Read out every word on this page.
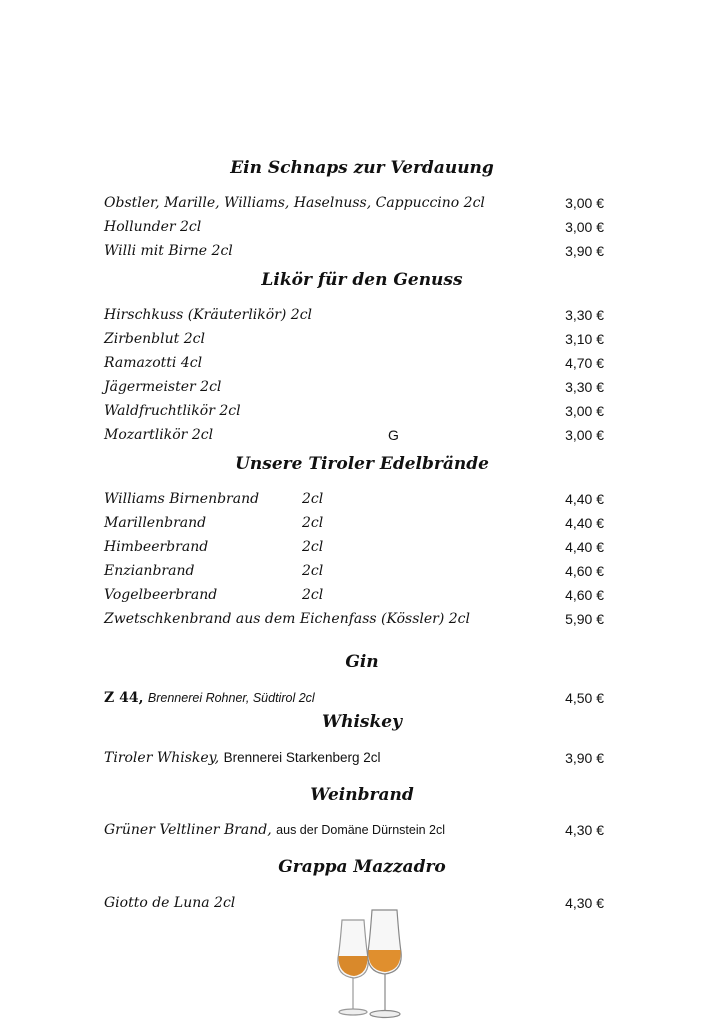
Ein Schnaps zur Verdauung
Obstler, Marille, Williams, Haselnuss, Cappuccino 2cl	3,00 €
Hollunder 2cl	3,00 €
Willi mit Birne 2cl	3,90 €
Likör für den Genuss
Hirschkuss (Kräuterlikör) 2cl	3,30 €
Zirbenblut 2cl	3,10 €
Ramazotti 4cl	4,70 €
Jägermeister 2cl	3,30 €
Waldfruchtlikör 2cl	3,00 €
Mozartlikör 2cl	G	3,00 €
Unsere Tiroler Edelbrände
Williams Birnenbrand	2cl	4,40 €
Marillenbrand	2cl	4,40 €
Himbeerbrand	2cl	4,40 €
Enzianbrand	2cl	4,60 €
Vogelbeerbrand	2cl	4,60 €
Zwetschkenbrand aus dem Eichenfass (Kössler) 2cl	5,90 €
Gin
Z 44, Brennerei Rohner, Südtirol 2cl	4,50 €
Whiskey
Tiroler Whiskey, Brennerei Starkenberg 2cl	3,90 €
Weinbrand
Grüner Veltliner Brand, aus der Domäne Dürnstein 2cl	4,30 €
Grappa Mazzadro
Giotto de Luna 2cl	4,30 €
